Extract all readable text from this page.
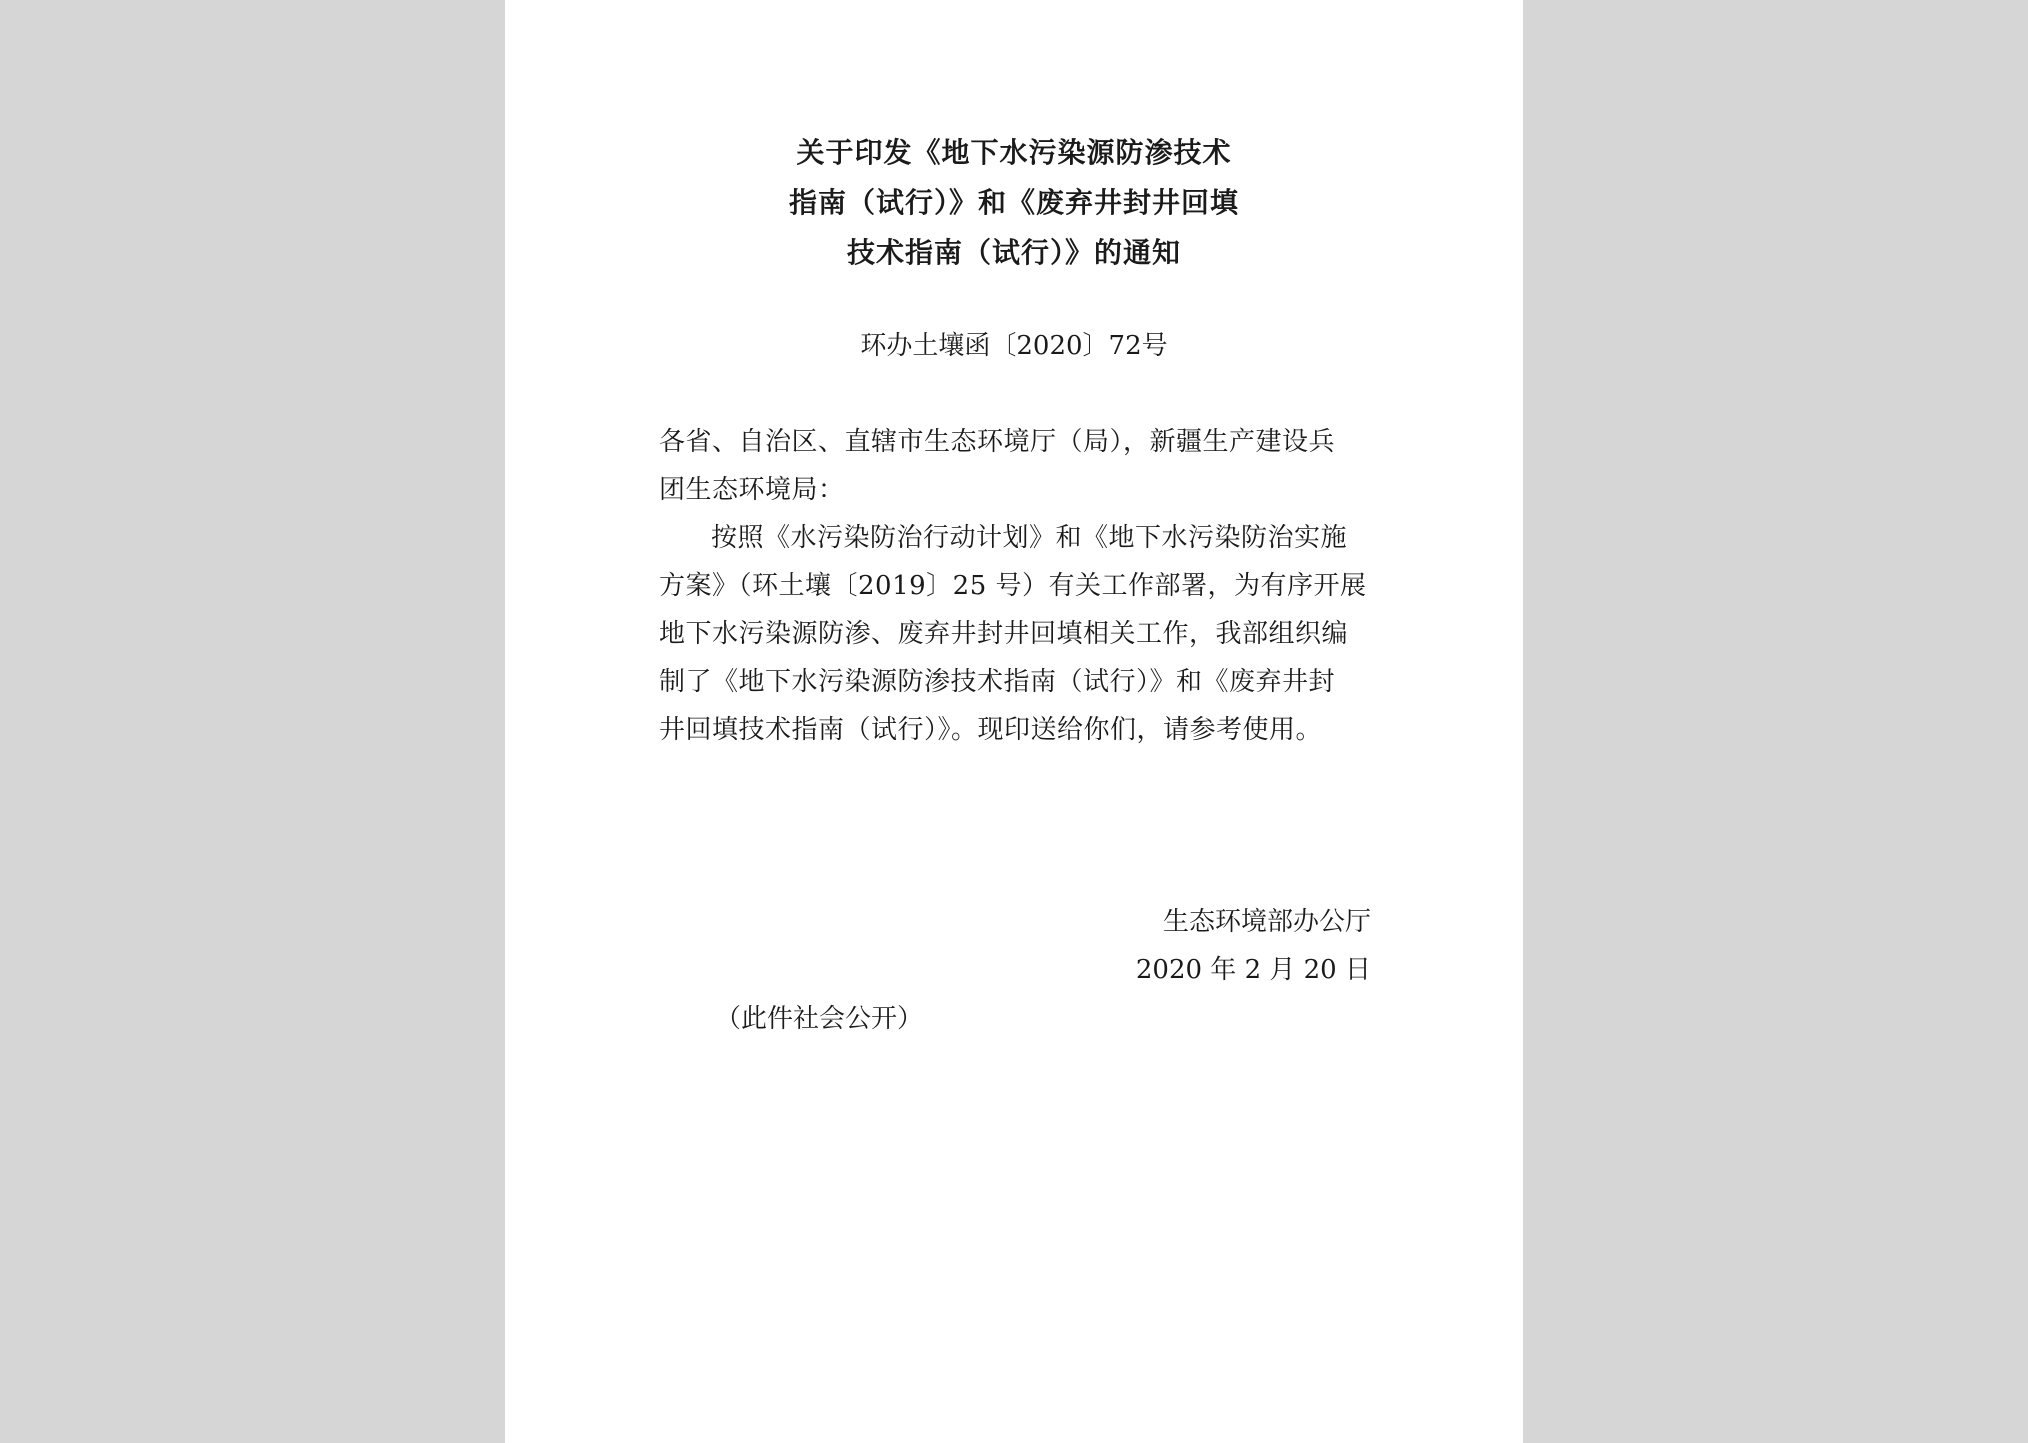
关于印发《地下水污染源防渗技术
指南（试行）》和《废弃井封井回填
技术指南（试行）》的通知
环办土壤函〔2020〕72号
各省、自治区、直辖市生态环境厅（局），新疆生产建设兵
团生态环境局：
按照《水污染防治行动计划》和《地下水污染防治实施
方案》（环土壤〔2019〕25 号）有关工作部署，为有序开展
地下水污染源防渗、废弃井封井回填相关工作，我部组织编
制了《地下水污染源防渗技术指南（试行）》和《废弃井封
井回填技术指南（试行）》。现印送给你们，请参考使用。
生态环境部办公厅
2020 年 2 月 20 日
（此件社会公开）
